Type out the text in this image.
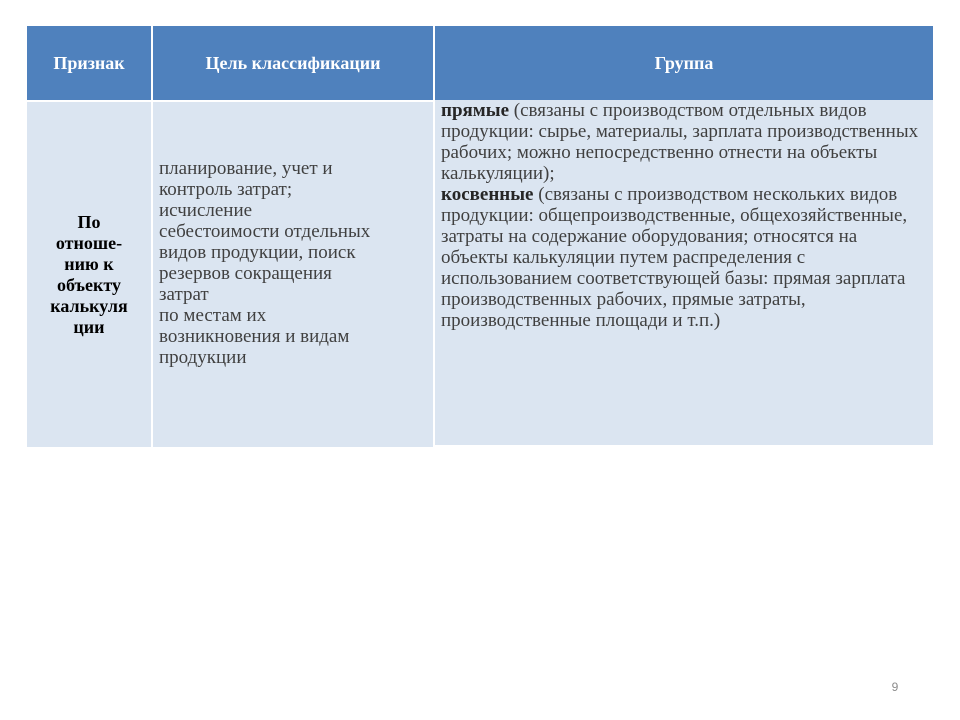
Признак	Цель классификации	Группа
По
отноше-
нию к
объекту
калькуля
ции
планирование, учет и
контроль затрат;
исчисление
себестоимости отдельных
видов продукции, поиск
резервов сокращения
затрат
по местам их
возникновения и видам
продукции

прямые (связаны с производством отдельных видов продукции: сырье, материалы, зарплата производственных рабочих; можно непосредственно отнести на объекты калькуляции);

косвенные (связаны с производством нескольких видов продукции: общепроизводственные, общехозяйственные, затраты на содержание оборудования; относятся на объекты калькуляции путем распределения с использованием соответствующей базы: прямая зарплата производственных рабочих, прямые затраты, производственные площади и т.п.)

9
